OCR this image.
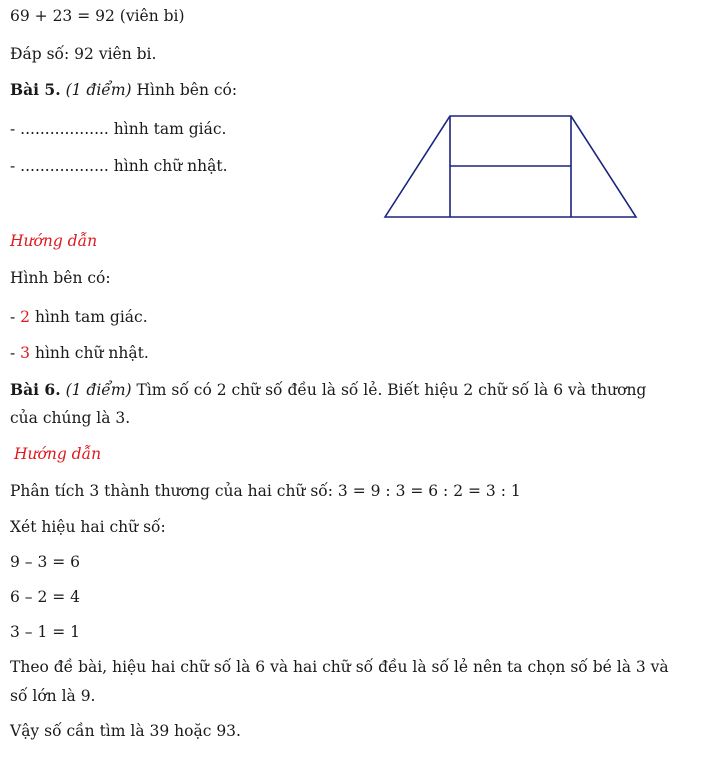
69 + 23 = 92 (viên bi)
Đáp số: 92 viên bi.
Bài 5. (1 điểm) Hình bên có:
- .................. hình tam giác.
- .................. hình chữ nhật.
Hướng dẫn
Hình bên có:
- 2 hình tam giác.
- 3 hình chữ nhật.
Bài 6. (1 điểm) Tìm số có 2 chữ số đều là số lẻ. Biết hiệu 2 chữ số là 6 và thương
của chúng là 3.
Hướng dẫn
Phân tích 3 thành thương của hai chữ số: 3 = 9 : 3 = 6 : 2 = 3 : 1
Xét hiệu hai chữ số:
9 – 3 = 6
6 – 2 = 4
3 – 1 = 1
Theo đề bài, hiệu hai chữ số là 6 và hai chữ số đều là số lẻ nên ta chọn số bé là 3 và
số lớn là 9.
Vậy số cần tìm là 39 hoặc 93.
